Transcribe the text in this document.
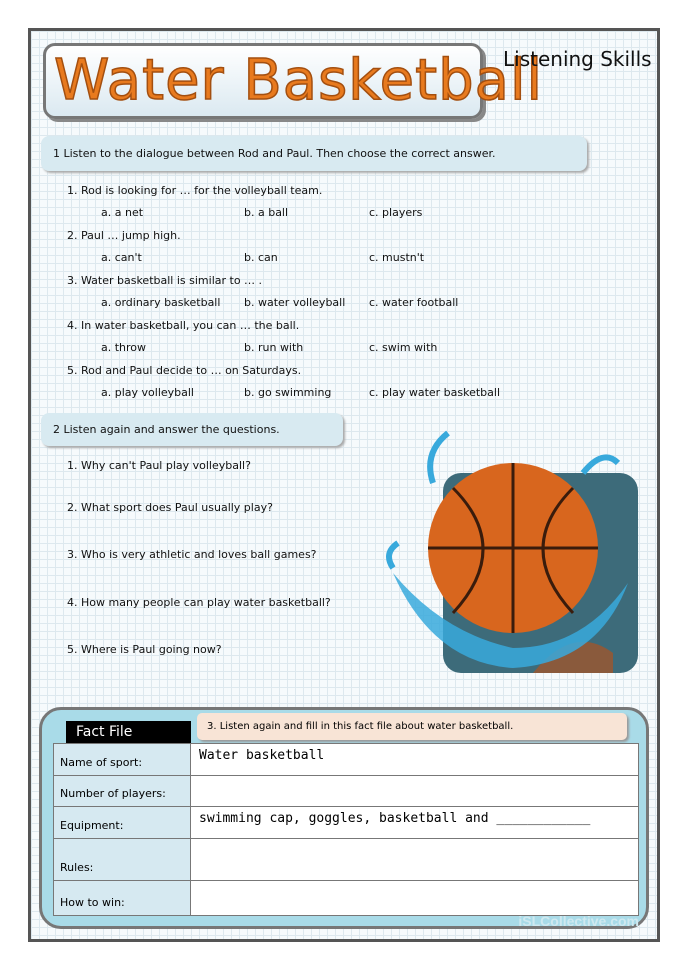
Water Basketball
Listening Skills
1 Listen to the dialogue between Rod and Paul. Then choose the correct answer.
1. Rod is looking for … for the volleyball team.
a. a net	b. a ball	c. players
2. Paul … jump high.
a. can't	b. can	c. mustn't
3. Water basketball is similar to … .
a. ordinary basketball b. water volleyball c. water football
4. In water basketball, you can … the ball.
a. throw	b. run with	c. swim with
5. Rod and Paul decide to … on Saturdays.
a. play volleyball	b. go swimming	c. play water basketball
2 Listen again and answer the questions.
1. Why can't Paul play volleyball?
2. What sport does Paul usually play?
3. Who is very athletic and loves ball games?
4. How many people can play water basketball?
5. Where is Paul going now?
Fact File	3. Listen again and fill in this fact file about water basketball.
Name of sport:	Water basketball
Number of players:	
Equipment:	swimming cap, goggles, basketball and ____________
Rules:	
How to win:	
iSLCollective.com
